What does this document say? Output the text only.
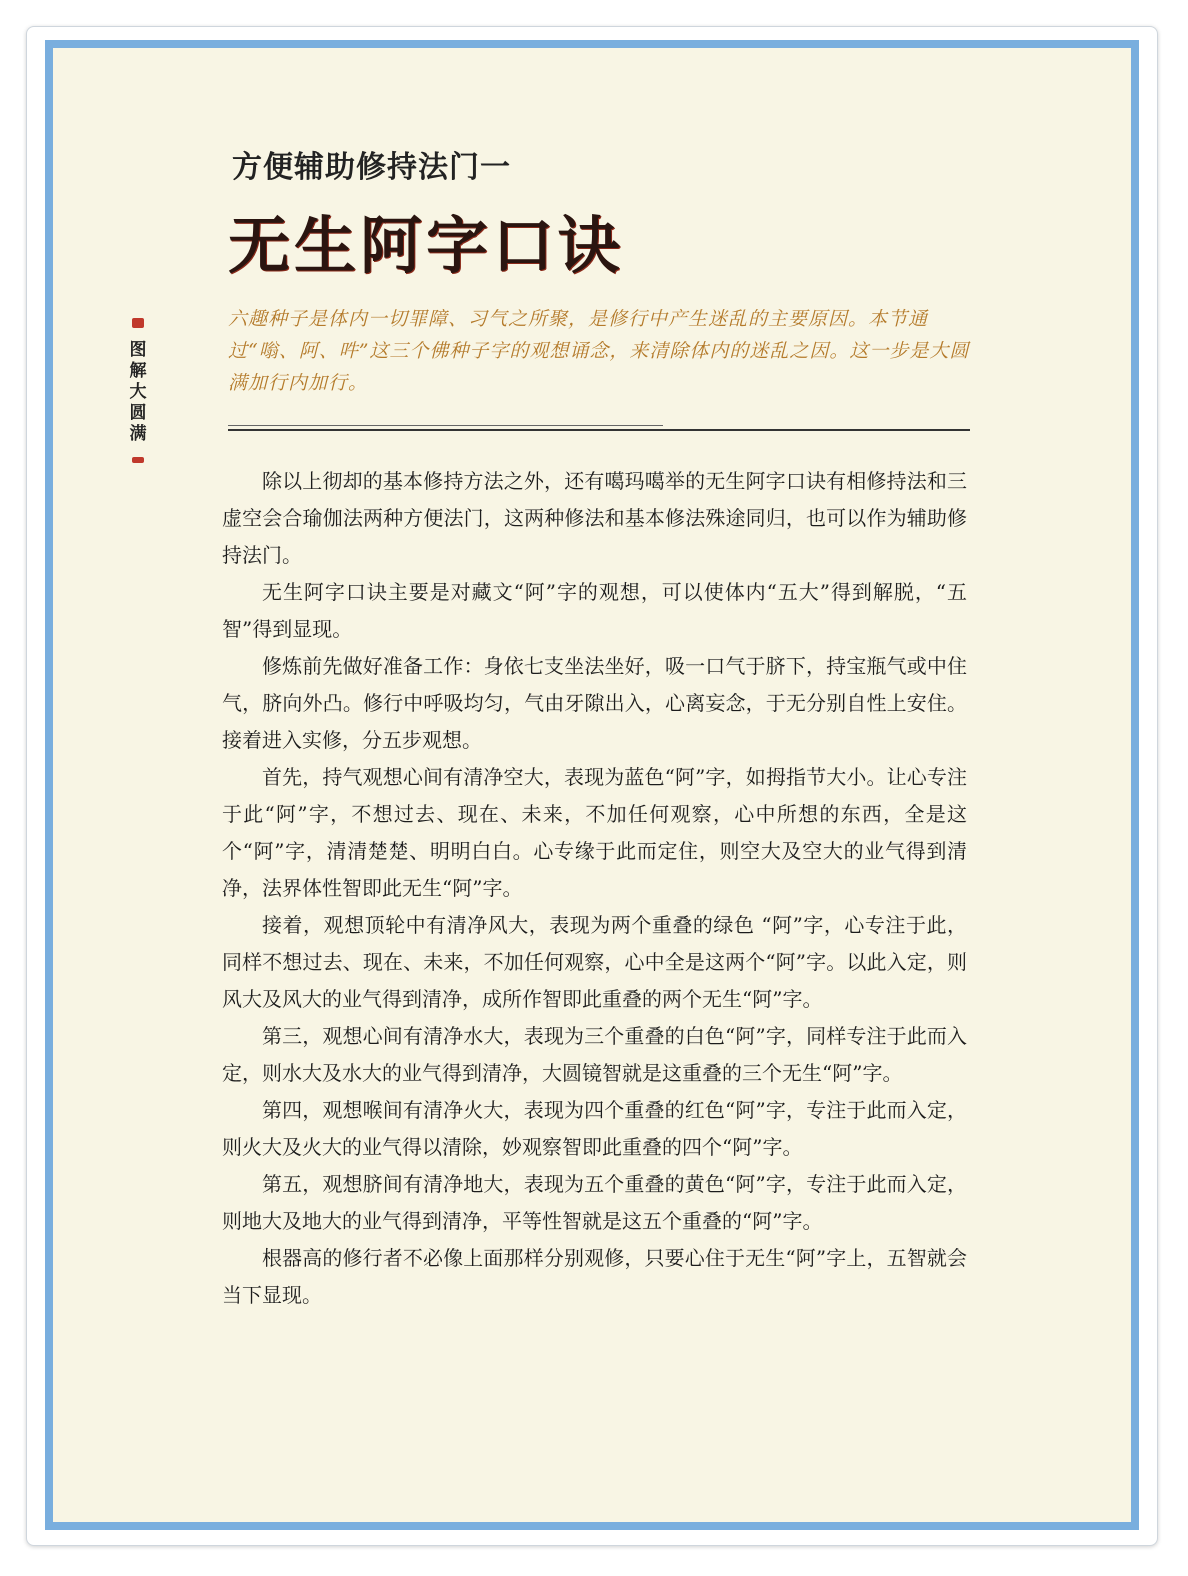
方便辅助修持法门一
无生阿字口诀
图
解
大
圆
满

六趣种子是体内一切罪障、习气之所聚，是修行中产生迷乱的主要原因。本节通过“嗡、阿、吽”这三个佛种子字的观想诵念，来清除体内的迷乱之因。这一步是大圆满加行内加行。

除以上彻却的基本修持方法之外，还有噶玛噶举的无生阿字口诀有相修持法和三虚空会合瑜伽法两种方便法门，这两种修法和基本修法殊途同归，也可以作为辅助修持法门。

无生阿字口诀主要是对藏文“阿”字的观想，可以使体内“五大”得到解脱，“五智”得到显现。

修炼前先做好准备工作：身依七支坐法坐好，吸一口气于脐下，持宝瓶气或中住气，脐向外凸。修行中呼吸均匀，气由牙隙出入，心离妄念，于无分别自性上安住。接着进入实修，分五步观想。

首先，持气观想心间有清净空大，表现为蓝色“阿”字，如拇指节大小。让心专注于此“阿”字，不想过去、现在、未来，不加任何观察，心中所想的东西，全是这个“阿”字，清清楚楚、明明白白。心专缘于此而定住，则空大及空大的业气得到清净，法界体性智即此无生“阿”字。

接着，观想顶轮中有清净风大，表现为两个重叠的绿色 “阿”字，心专注于此，同样不想过去、现在、未来，不加任何观察，心中全是这两个“阿”字。以此入定，则风大及风大的业气得到清净，成所作智即此重叠的两个无生“阿”字。

第三，观想心间有清净水大，表现为三个重叠的白色“阿”字，同样专注于此而入定，则水大及水大的业气得到清净，大圆镜智就是这重叠的三个无生“阿”字。

第四，观想喉间有清净火大，表现为四个重叠的红色“阿”字，专注于此而入定，则火大及火大的业气得以清除，妙观察智即此重叠的四个“阿”字。

第五，观想脐间有清净地大，表现为五个重叠的黄色“阿”字，专注于此而入定，则地大及地大的业气得到清净，平等性智就是这五个重叠的“阿”字。

根器高的修行者不必像上面那样分别观修，只要心住于无生“阿”字上，五智就会当下显现。
